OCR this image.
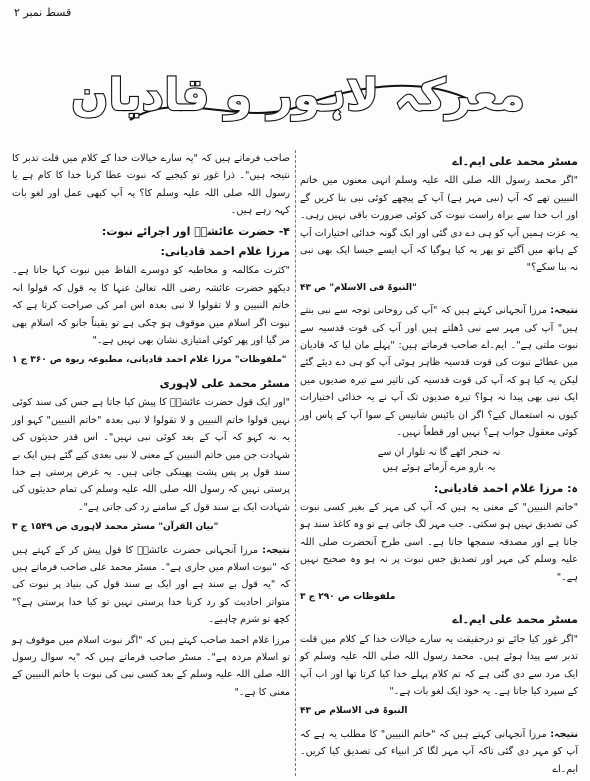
قسط نمبر ۲
معرکہ لاہور و قادیان
مسٹر محمد علی ایم۔اے

"اگر محمد رسول اللہ صلی اللہ علیہ وسلم انہی معنوں میں خاتم النبیین تھے کہ آپ (نبی مہر ہے) آپ کے پیچھے کوئی نبی بنا کریں گے اور اب خدا سے براہ راست نبوت کی کوئی ضرورت باقی نہیں رہی۔ یہ عزت ہمیں آپ کو ہی دے دی گئی اور ایک گونہ خدائی اختیارات آپ کے ہاتھ میں آگئے تو پھر یہ کیا ہوگیا کہ آپ ایسے جیسا ایک بھی نبی نہ بنا سکے؟"

"النبوۃ فی الاسلام" ص ۴۳

نتیجہ: مرزا آنجہانی کہتے ہیں کہ "آپ کی روحانی توجہ سے نبی بنتے ہیں" آپ کی مہر سے نبی ڈھلتے ہیں اور آپ کی قوت قدسیہ سے نبوت ملتی ہے"۔ ایم۔اے صاحب فرماتے ہیں: "پہلے مان لیا کہ قادیان میں عطائے نبوت کی قوت قدسیہ ظاہر ہوئی آپ کو ہی دے دیئے گئے لیکن یہ کیا ہو کہ آپ کی قوت قدسیہ کی تاثیر سے تیرہ صدیوں میں ایک نبی بھی پیدا نہ ہوا؟ تیرہ صدیوں تک آپ نے یہ خدائی اختیارات کیوں نہ استعمال کیے؟ اگر ان بائیس شانیس کے سوا آپ کے پاس اور کوئی معقول جواب ہے؟ نہیں اور قطعاً نہیں۔

نہ خنجر اٹھے گا نہ تلوار ان سے
یہ بازو مرے آزمائے ہوئے ہیں
ہ: مرزا غلام احمد قادیانی:

"خاتم النبیین" کے معنی یہ ہیں کہ آپ کی مہر کے بغیر کسی نبوت کی تصدیق نہیں ہو سکتی۔ جب مہر لگ جاتی ہے تو وہ کاغذ سند ہو جاتا ہے اور مصدقہ سمجھا جاتا ہے۔ اسی طرح آنحضرت صلی اللہ علیہ وسلم کی مہر اور تصدیق جس نبوت پر نہ ہو وہ صحیح نہیں ہے۔"

ملفوظات ص ۲۹۰ ج ۳
مسٹر محمد علی ایم۔اے

"اگر غور کیا جائے تو درحقیقت یہ سارے خیالات خدا کے کلام میں قلت تدبر سے پیدا ہوئے ہیں۔ محمد رسول اللہ صلی اللہ علیہ وسلم کو ایک مرد سے دی گئی ہے کہ تم کلام پہلے خدا کیا کرتا تھا اور اب آپ کے سپرد کیا جاتا ہے۔ یہ خود ایک لغو بات ہے۔"

النبوۃ فی الاسلام ص ۴۳

نتیجہ: مرزا آنجہانی کہتے ہیں کہ "خاتم النبیین" کا مطلب یہ ہے کہ آپ کو مہر دی گئی تاکہ آپ مہر لگا کر انبیاء کی تصدیق کیا کریں۔ ایم۔اے

صاحب فرماتے ہیں کہ "یہ سارے خیالات خدا کے کلام میں قلت تدبر کا نتیجہ ہیں"۔ ذرا غور تو کیجیے کہ نبوت عطا کرنا خدا کا کام ہے یا رسول اللہ صلی اللہ علیہ وسلم کا؟ یہ آپ کبھی عمل اور لغو بات کہہ رہے ہیں۔

۴- حضرت عائشہؓ اور اجرائے نبوت:
مرزا غلام احمد قادیانی:

"کثرت مکالمہ و مخاطبہ کو دوسرے الفاظ میں نبوت کہا جاتا ہے۔ دیکھو حضرت عائشہ رضی اللہ تعالیٰ عنہا کا یہ قول کہ قولوا انہ خاتم النبیین و لا تقولوا لا نبی بعدہ اس امر کی صراحت کرتا ہے کہ نبوت اگر اسلام میں موقوف ہو چکی ہے تو یقیناً جانو کہ اسلام بھی مر گیا اور پھر کوئی امتیازی نشان بھی نہیں ہے۔"

"ملفوظات" مرزا غلام احمد قادیانی، مطبوعہ ربوہ ص ۳۶۰ ج ۱
مسٹر محمد علی لاہوری

"اور ایک قول حضرت عائشہؓ کا پیش کیا جاتا ہے جس کی سند کوئی نہیں قولوا خاتم النبیین و لا تقولوا لا نبی بعدہ "خاتم النبیین" کہو اور یہ نہ کہو کہ آپ کے بعد کوئی نبی نہیں"۔ اس قدر حدیثوں کی شہادت جن میں خاتم النبیین کے معنی لا نبی بعدی کیے گئے ہیں ایک بے سند قول پر پس پشت پھینکی جاتی ہیں۔ یہ غرض پرستی ہے خدا پرستی نہیں کہ رسول اللہ صلی اللہ علیہ وسلم کی تمام حدیثوں کی شہادت ایک بے سند قول کے سامنے رد کی جاتی ہے"۔

"بیان القرآن" مسٹر محمد لاہوری ص ۱۵۴۹ ج ۳

نتیجہ: مرزا آنجہانی حضرت عائشہؓ کا قول پیش کر کے کہتے ہیں کہ "نبوت اسلام میں جاری ہے"۔ مسٹر محمد علی صاحب فرماتے ہیں کہ "یہ قول بے سند ہے اور ایک بے سند قول کی بنیاد پر نبوت کی متواتر احادیث کو رد کرنا خدا پرستی نہیں تو کیا خدا پرستی ہے؟" کچھ تو شرم چاہیے۔

مرزا غلام احمد صاحب کہتے ہیں کہ "اگر نبوت اسلام میں موقوف ہو تو اسلام مردہ ہے"۔ مسٹر صاحب فرماتے ہیں کہ "یہ سوال رسول اللہ صلی اللہ علیہ وسلم کے بعد کسی نبی کی نبوت یا خاتم النبیین کے معنی کا ہے۔"
